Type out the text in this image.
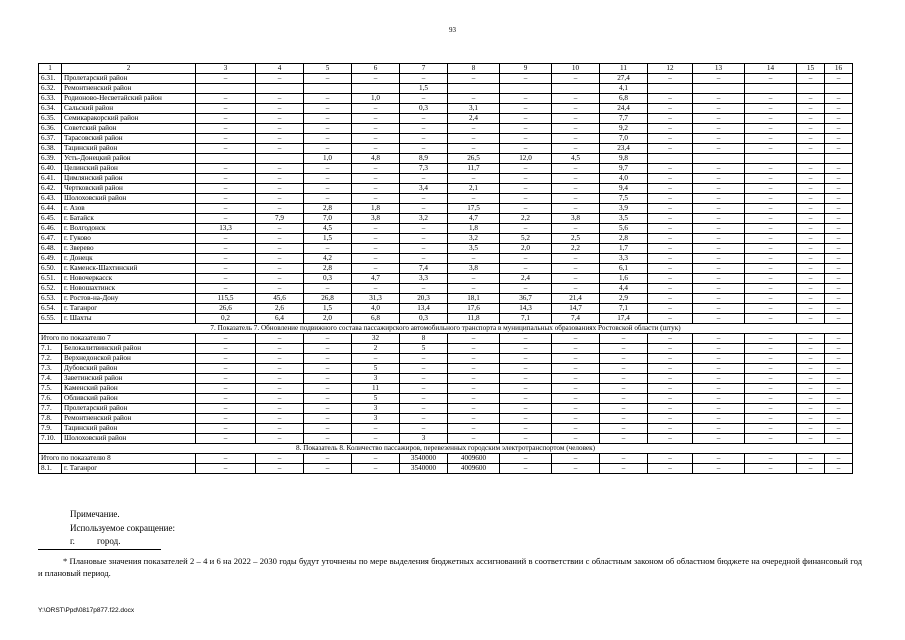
93
1	2	3	4	5	6	7	8	9	10	11	12	13	14	15	16
6.31.	Пролетарский район	–	–	–	–	–	–	–	–	27,4	–	–	–	–	–
6.32.	Ремонтненский район					1,5				4,1					
6.33.	Родионово-Несветайский район	–	–	–	1,0	–	–	–	–	6,8	–	–	–	–	–
6.34.	Сальский район	–	–	–	–	0,3	3,1	–	–	24,4	–	–	–	–	–
6.35.	Семикаракорский район	–	–	–	–	–	2,4	–	–	7,7	–	–	–	–	–
6.36.	Советский район	–	–	–	–	–	–	–	–	9,2	–	–	–	–	–
6.37.	Тарасовский район	–	–	–	–	–	–	–	–	7,0	–	–	–	–	–
6.38.	Тацинский район	–	–	–	–	–	–	–	–	23,4	–	–	–	–	–
6.39.	Усть-Донецкий район			1,0	4,8	8,9	26,5	12,0	4,5	9,8					
6.40.	Целинский район	–	–	–	–	7,3	11,7	–	–	9,7	–	–	–	–	–
6.41.	Цимлянский район	–	–	–	–	–	–	–	–	4,0	–	–	–	–	–
6.42.	Чертковский район	–	–	–	–	3,4	2,1	–	–	9,4	–	–	–	–	–
6.43.	Шолоховский район	–	–	–	–	–	–	–	–	7,5	–	–	–	–	–
6.44.	г. Азов	–	–	2,8	1,8	–	17,5	–	–	3,9	–	–	–	–	–
6.45.	г. Батайск	–	7,9	7,0	3,8	3,2	4,7	2,2	3,8	3,5	–	–	–	–	–
6.46.	г. Волгодонск	13,3	–	4,5	–	–	1,8	–	–	5,6	–	–	–	–	–
6.47.	г. Гуково	–	–	1,5	–	–	3,2	5,2	2,5	2,8	–	–	–	–	–
6.48.	г. Зверево	–	–	–	–	–	3,5	2,0	2,2	1,7	–	–	–	–	–
6.49.	г. Донецк	–	–	4,2	–	–	–	–	–	3,3	–	–	–	–	–
6.50.	г. Каменск-Шахтинский	–	–	2,8	–	7,4	3,8	–	–	6,1	–	–	–	–	–
6.51.	г. Новочеркасск	–	–	0,3	4,7	3,3	–	2,4	–	1,6	–	–	–	–	–
6.52.	г. Новошахтинск	–	–	–	–	–	–	–	–	4,4	–	–	–	–	–
6.53.	г. Ростов-на-Дону	115,5	45,6	26,8	31,3	20,3	18,1	36,7	21,4	2,9	–	–	–	–	–
6.54.	г. Таганрог	26,6	2,6	1,5	4,0	13,4	17,6	14,3	14,7	7,1	–	–	–	–	–
6.55.	г. Шахты	0,2	6,4	2,0	6,8	0,3	11,8	7,1	7,4	17,4	–	–	–	–	–
7. Показатель 7. Обновление подвижного состава пассажирского автомобильного транспорта в муниципальных образованиях Ростовской области (штук)															
Итого по показателю 7		–	–	–	32	8	–	–	–	–	–	–	–	–	–
7.1.	Белокалитвинский район	–	–	–	2	5	–	–	–	–	–	–	–	–	–
7.2.	Верхнедонской район	–	–	–	–	–	–	–	–	–	–	–	–	–	–
7.3.	Дубовский район	–	–	–	5	–	–	–	–	–	–	–	–	–	–
7.4.	Заветинский район	–	–	–	3	–	–	–	–	–	–	–	–	–	–
7.5.	Каменский район	–	–	–	11	–	–	–	–	–	–	–	–	–	–
7.6.	Обливский район	–	–	–	5	–	–	–	–	–	–	–	–	–	–
7.7.	Пролетарский район	–	–	–	3	–	–	–	–	–	–	–	–	–	–
7.8.	Ремонтненский район	–	–	–	3	–	–	–	–	–	–	–	–	–	–
7.9.	Тацинский район	–	–	–	–	–	–	–	–	–	–	–	–	–	–
7.10.	Шолоховский район	–	–	–	–	3	–	–	–	–	–	–	–	–	–
8. Показатель 8. Количество пассажиров, перевезенных городским электротранспортом (человек)															
Итого по показателю 8		–	–	–	–	3540000	4009600	–	–	–	–	–	–	–	–
8.1.	г. Таганрог	–	–	–	–	3540000	4009600	–	–	–	–	–	–	–	–
Примечание.
Используемое сокращение:
г. город.
* Плановые значения показателей 2 – 4 и 6 на 2022 – 2030 годы будут уточнены по мере выделения бюджетных ассигнований в соответствии с областным законом об областном бюджете на очередной финансовый год и плановый период.
Y:\ORST\Ppd\0817p877.f22.docx
